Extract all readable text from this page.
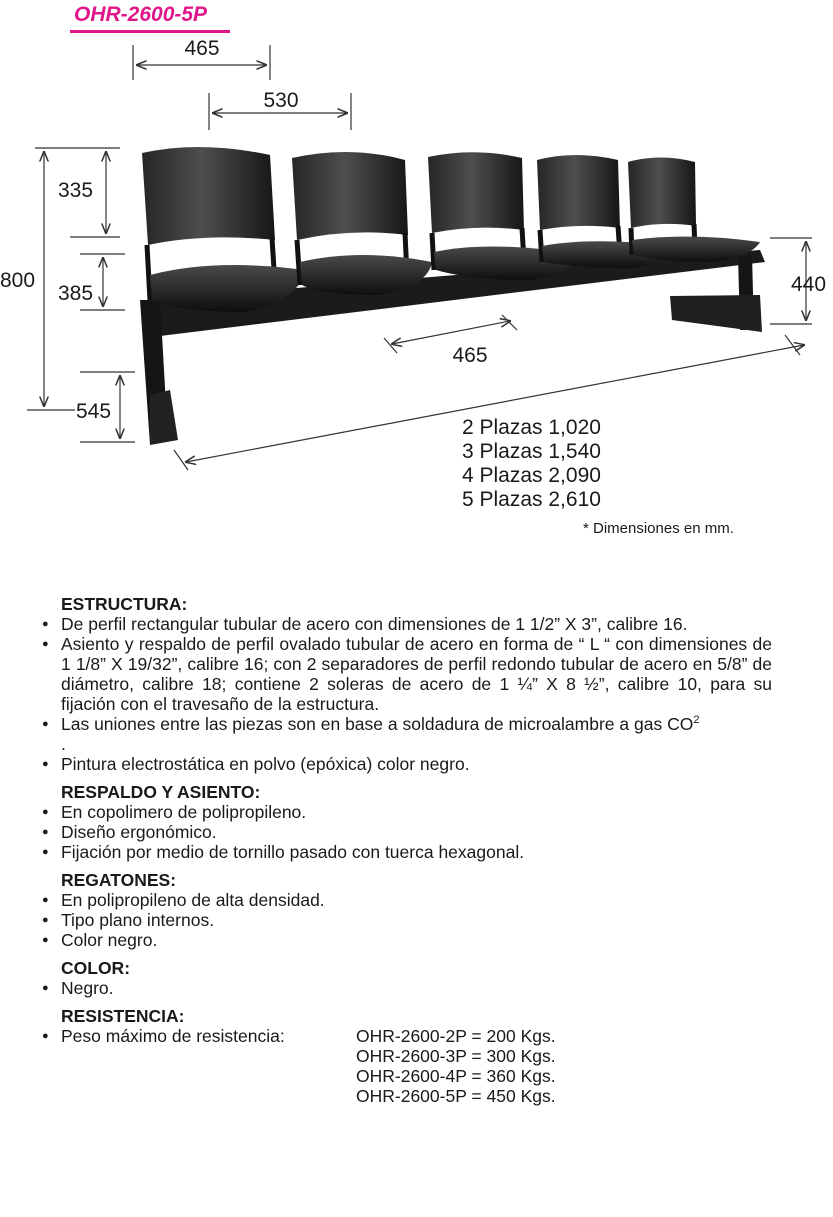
OHR-2600-5P
465
530
335
800
385
545
440
465
2 Plazas 1,020
3 Plazas 1,540
4 Plazas 2,090
5 Plazas 2,610
* Dimensiones en mm.
ESTRUCTURA:
● De perfil rectangular tubular de acero con dimensiones de 1 1/2” X 3”, calibre 16.
● Asiento y respaldo de perfil ovalado tubular de acero en forma de “ L “ con dimensiones de 1 1/8” X 19/32”, calibre 16; con 2 separadores de perfil redondo tubular de acero en 5/8” de diámetro, calibre 18; contiene 2 soleras de acero de 1 ¼” X 8 ½”, calibre 10, para su fijación con el travesaño de la estructura.
● Las uniones entre las piezas son en base a soldadura de microalambre a gas $CO^2$
.
● Pintura electrostática en polvo (epóxica) color negro.
RESPALDO Y ASIENTO:
● En copolimero de polipropileno.
● Diseño ergonómico.
● Fijación por medio de tornillo pasado con tuerca hexagonal.
REGATONES:
● En polipropileno de alta densidad.
● Tipo plano internos.
● Color negro.
COLOR:
● Negro.
RESISTENCIA:
● Peso máximo de resistencia:	OHR-2600-2P = 200 Kgs.
OHR-2600-3P = 300 Kgs.
OHR-2600-4P = 360 Kgs.
OHR-2600-5P = 450 Kgs.
